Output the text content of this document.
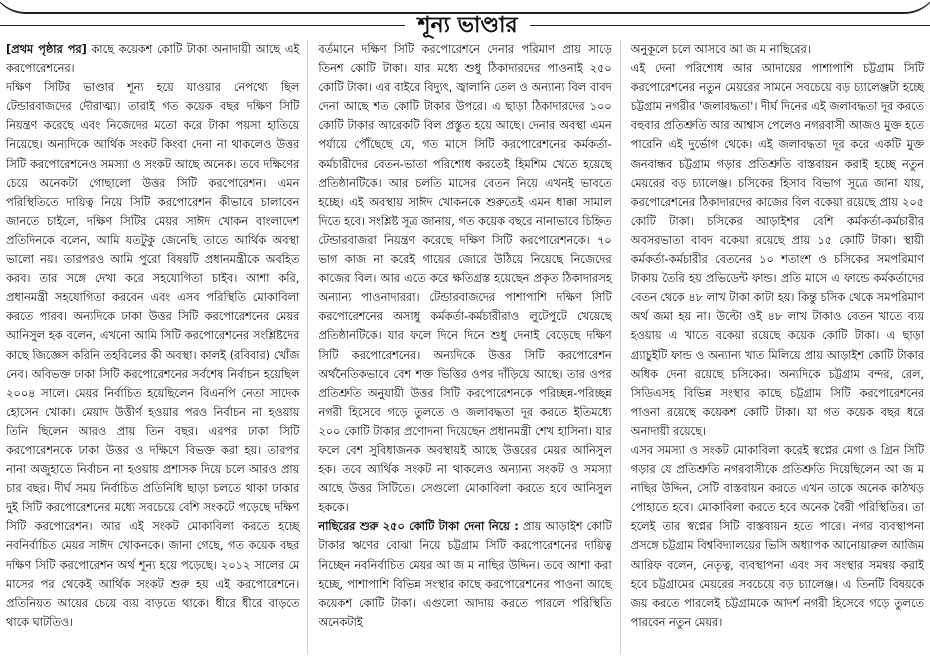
শূন্য ভাণ্ডার

[প্রথম পৃষ্ঠার পর] কাছে কয়েকশ কোটি টাকা অনাদায়ী আছে এই করপোরেশনের।

দক্ষিণ সিটির ভাণ্ডার শূন্য হয়ে যাওয়ার নেপথ্যে ছিল টেন্ডারবাজদের দৌরাত্ম্য। তারাই গত কয়েক বছর দক্ষিণ সিটি নিয়ন্ত্রণ করেছে এবং নিজেদের মতো করে টাকা পয়সা হাতিয়ে নিয়েছে। অন্যদিকে আর্থিক সংকট কিংবা দেনা না থাকলেও উত্তর সিটি করপোরেশনেও সমস্যা ও সংকট আছে অনেক। তবে দক্ষিণের চেয়ে অনেকটা গোছালো উত্তর সিটি করপোরেশন। এমন পরিস্থিতিতে দায়িত্ব নিয়ে সিটি করপোরেশন কীভাবে চালাবেন জানতে চাইলে, দক্ষিণ সিটির মেয়র সাঈদ খোকন বাংলাদেশ প্রতিদিনকে বলেন, আমি যতটুকু জেনেছি তাতে আর্থিক অবস্থা ভালো নয়। তারপরও আমি পুরো বিষয়টি প্রধানমন্ত্রীকে অবহিত করব। তার সঙ্গে দেখা করে সহযোগিতা চাইব। আশা করি, প্রধানমন্ত্রী সহযোগিতা করবেন এবং এসব পরিস্থিতি মোকাবিলা করতে পারব। অন্যদিকে ঢাকা উত্তর সিটি করপোরেশনের মেয়র আনিসুল হক বলেন, এখনো আমি সিটি করপোরেশনের সংশ্লিষ্টদের কাছে জিজ্ঞেস করিনি তহবিলের কী অবস্থা। কালই (রবিবার) খোঁজ নেব। অবিভক্ত ঢাকা সিটি করপোরেশনের সর্বশেষ নির্বাচন হয়েছিল ২০০৪ সালে। মেয়র নির্বাচিত হয়েছিলেন বিএনপি নেতা সাদেক হোসেন খোকা। মেয়াদ উত্তীর্ণ হওয়ার পরও নির্বাচন না হওয়ায় তিনি ছিলেন আরও প্রায় তিন বছর। এরপর ঢাকা সিটি করপোরেশনকে ঢাকা উত্তর ও দক্ষিণে বিভক্ত করা হয়। তারপর নানা অজুহাতে নির্বাচন না হওয়ায় প্রশাসক দিয়ে চলে আরও প্রায় চার বছর। দীর্ঘ সময় নির্বাচিত প্রতিনিধি ছাড়া চলতে থাকা ঢাকার দুই সিটি করপোরেশনের মধ্যে সবচেয়ে বেশি সংকটে পড়েছে দক্ষিণ সিটি করপোরেশন। আর এই সংকট মোকাবিলা করতে হচ্ছে নবনির্বাচিত মেয়র সাঈদ খোকনকে। জানা গেছে, গত কয়েক বছর দক্ষিণ সিটি করপোরেশন অর্থ শূন্য হয়ে পড়েছে। ২০১২ সালের মে মাসের পর থেকেই আর্থিক সংকট শুরু হয় এই করপোরেশনে। প্রতিনিয়ত আয়ের চেয়ে ব্যয় বাড়তে থাকে। ধীরে ধীরে বাড়তে থাকে ঘাটতিও।

বর্তমানে দক্ষিণ সিটি করপোরেশনে দেনার পরিমাণ প্রায় সাড়ে তিনশ কোটি টাকা। যার মধ্যে শুধু ঠিকাদারদের পাওনাই ২৫০ কোটি টাকা। এর বাইরে বিদ্যুৎ, জ্বালানি তেল ও অন্যান্য বিল বাবদ দেনা আছে শত কোটি টাকার উপরে। এ ছাড়া ঠিকাদারদের ১০০ কোটি টাকার আরেকটি বিল প্রস্তুত হয়ে আছে। দেনার অবস্থা এমন পর্যায়ে পৌঁছেছে যে, গত মাসে সিটি করপোরেশনের কর্মকর্তা-কর্মচারীদের বেতন-ভাতা পরিশোধ করতেই হিমশিম খেতে হয়েছে প্রতিষ্ঠানটিকে। আর চলতি মাসের বেতন নিয়ে এখনই ভাবতে হচ্ছে। এই অবস্থায় সাঈদ খোকনকে শুরুতেই এমন ধাক্কা সামাল দিতে হবে। সংশ্লিষ্ট সূত্র জানায়, গত কয়েক বছরে নানাভাবে চিহ্নিত টেন্ডারবাজরা নিয়ন্ত্রণ করেছে দক্ষিণ সিটি করপোরেশনকে। ৭০ ভাগ কাজ না করেই গায়ের জোরে উঠিয়ে নিয়েছে নিজেদের কাজের বিল। আর এতে করে ক্ষতিগ্রস্ত হয়েছেন প্রকৃত ঠিকাদারসহ অন্যান্য পাওনাদাররা। টেন্ডারবাজদের পাশাপাশি দক্ষিণ সিটি করপোরেশনের অসাধু কর্মকর্তা-কর্মচারীরাও লুটেপুটে খেয়েছে প্রতিষ্ঠানটিকে। যার ফলে দিনে দিনে শুধু দেনাই বেড়েছে দক্ষিণ সিটি করপোরেশনের। অন্যদিকে উত্তর সিটি করপোরেশন অর্থনৈতিকভাবে বেশ শক্ত ভিত্তির ওপর দাঁড়িয়ে আছে। তার ওপর প্রতিশ্রুতি অনুযায়ী উত্তর সিটি করপোরেশনকে পরিচ্ছন্ন-পরিচ্ছন্ন নগরী হিসেবে গড়ে তুলতে ও জলাবদ্ধতা দূর করতে ইতিমধ্যে ২০০ কোটি টাকার প্রণোদনা দিয়েছেন প্রধানমন্ত্রী শেখ হাসিনা। যার ফলে বেশ সুবিধাজনক অবস্থায়ই আছে উত্তরের মেয়র আনিসুল হক। তবে আর্থিক সংকট না থাকলেও অন্যান্য সংকট ও সমস্যা আছে উত্তর সিটিতে। সেগুলো মোকাবিলা করতে হবে আনিসুল হককে।

নাছিরের শুরু ২৫০ কোটি টাকা দেনা নিয়ে : প্রায় আড়াইশ কোটি টাকার ঋণের বোঝা নিয়ে চট্টগ্রাম সিটি করপোরেশনের দায়িত্ব নিচ্ছেন নবনির্বাচিত মেয়র আ জ ম নাছির উদ্দিন। তবে আশা করা হচ্ছে, পাশাপাশি বিভিন্ন সংস্থার কাছে করপোরেশনের পাওনা আছে কয়েকশ কোটি টাকা। এগুলো আদায় করতে পারলে পরিস্থিতি অনেকটাই

অনুকূলে চলে আসবে আ জ ম নাছিরের।

এই দেনা পরিশোধ আর আদায়ের পাশাপাশি চট্টগ্রাম সিটি করপোরেশনের নতুন মেয়রের সামনে সবচেয়ে বড় চ্যালেঞ্জটা হচ্ছে চট্টগ্রাম নগরীর 'জলাবদ্ধতা'। দীর্ঘ দিনের এই জলাবদ্ধতা দূর করতে বহুবার প্রতিশ্রুতি আর আশ্বাস পেলেও নগরবাসী আজও মুক্ত হতে পারেনি এই দুর্ভোগ থেকে। এই জলাবদ্ধতা দূর করে একটি মুক্ত জনবান্ধব চট্টগ্রাম গড়ার প্রতিশ্রুতি বাস্তবায়ন করাই হচ্ছে নতুন মেয়রের বড় চ্যালেঞ্জ। চসিকের হিসাব বিভাগ সূত্রে জানা যায়, করপোরেশনের ঠিকাদারদের কাজের বিল বকেয়া রয়েছে প্রায় ২০৫ কোটি টাকা। চসিকের আড়াইশর বেশি কর্মকর্তা-কর্মচারীর অবসরভাতা বাবদ বকেয়া রয়েছে প্রায় ১৫ কোটি টাকা। স্থায়ী কর্মকর্তা-কর্মচারীর বেতনের ১০ শতাংশ ও চসিকের সমপরিমাণ টাকায় তৈরি হয় প্রভিডেন্ট ফান্ড। প্রতি মাসে এ ফান্ডে কর্মকর্তাদের বেতন থেকে ৪৮ লাখ টাকা কাটা হয়। কিন্তু চসিক থেকে সমপরিমাণ অর্থ জমা হয় না। উল্টো ওই ৪৮ লাখ টাকাও বেতন খাতে ব্যয় হওয়ায় এ খাতে বকেয়া রয়েছে কয়েক কোটি টাকা। এ ছাড়া গ্র্যাচুইটি ফান্ড ও অন্যান্য খাত মিলিয়ে প্রায় আড়াইশ কোটি টাকার অধিক দেনা রয়েছে চসিকের। অন্যদিকে চট্টগ্রাম বন্দর, রেল, সিডিএসহ বিভিন্ন সংস্থার কাছে চট্টগ্রাম সিটি করপোরেশনের পাওনা রয়েছে কয়েকশ কোটি টাকা। যা গত কয়েক বছর ধরে অনাদায়ী রয়েছে।

এসব সমস্যা ও সংকট মোকাবিলা করেই স্বপ্নের মেগা ও গ্রিন সিটি গড়ার যে প্রতিশ্রুতি নগরবাসীকে প্রতিশ্রুতি দিয়েছিলেন আ জ ম নাছির উদ্দিন, সেটি বাস্তবায়ন করতে এখন তাকে অনেক কাঠখড় পোহাতে হবে। মোকাবিলা করতে হবে অনেক বৈরী পরিস্থিতির। তা হলেই তার স্বপ্নের সিটি বাস্তবায়ন হতে পারে। নগর ব্যবস্থাপনা প্রসঙ্গে চট্টগ্রাম বিশ্ববিদ্যালয়ের ভিসি অধ্যাপক আনোয়ারুল আজিম আরিফ বলেন, নেতৃত্ব, ব্যবস্থাপনা এবং সব সংস্থার সমন্বয় করাই হবে চট্টগ্রামের মেয়রের সবচেয়ে বড় চ্যালেঞ্জ। এ তিনটি বিষয়কে জয় করতে পারলেই চট্টগ্রামকে আদর্শ নগরী হিসেবে গড়ে তুলতে পারবেন নতুন মেয়র।
